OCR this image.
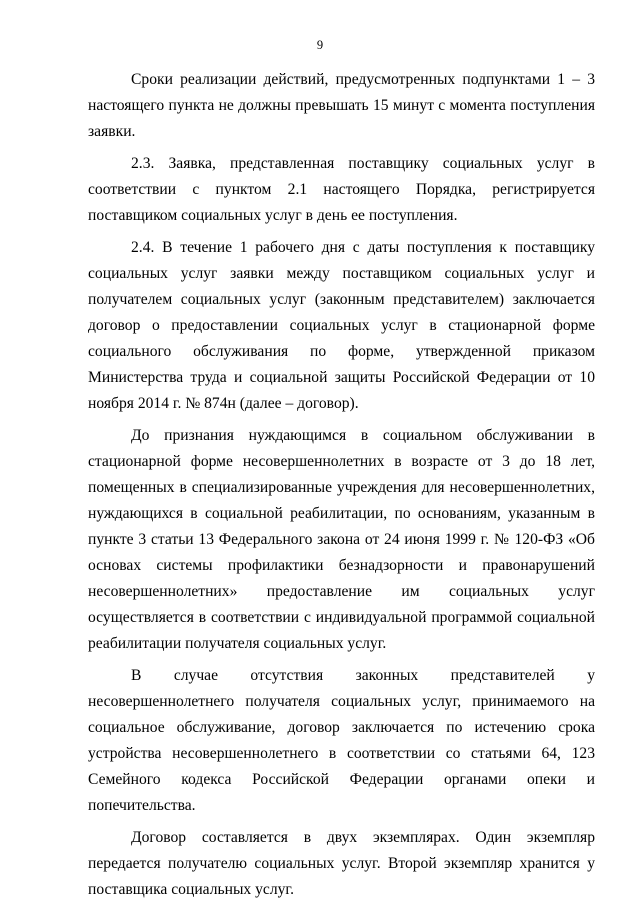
9

Сроки реализации действий, предусмотренных подпунктами 1 – 3 настоящего пункта не должны превышать 15 минут с момента поступления заявки.

2.3. Заявка, представленная поставщику социальных услуг в соответствии с пунктом 2.1 настоящего Порядка, регистрируется поставщиком социальных услуг в день ее поступления.

2.4. В течение 1 рабочего дня с даты поступления к поставщику социальных услуг заявки между поставщиком социальных услуг и получателем социальных услуг (законным представителем) заключается договор о предоставлении социальных услуг в стационарной форме социального обслуживания по форме, утвержденной приказом Министерства труда и социальной защиты Российской Федерации от 10 ноября 2014 г. № 874н (далее – договор).

До признания нуждающимся в социальном обслуживании в стационарной форме несовершеннолетних в возрасте от 3 до 18 лет, помещенных в специализированные учреждения для несовершеннолетних, нуждающихся в социальной реабилитации, по основаниям, указанным в пункте 3 статьи 13 Федерального закона от 24 июня 1999 г. № 120-ФЗ «Об основах системы профилактики безнадзорности и правонарушений несовершеннолетних» предоставление им социальных услуг осуществляется в соответствии с индивидуальной программой социальной реабилитации получателя социальных услуг.

В случае отсутствия законных представителей у несовершеннолетнего получателя социальных услуг, принимаемого на социальное обслуживание, договор заключается по истечению срока устройства несовершеннолетнего в соответствии со статьями 64, 123 Семейного кодекса Российской Федерации органами опеки и попечительства.

Договор составляется в двух экземплярах. Один экземпляр передается получателю социальных услуг. Второй экземпляр хранится у поставщика социальных услуг.
